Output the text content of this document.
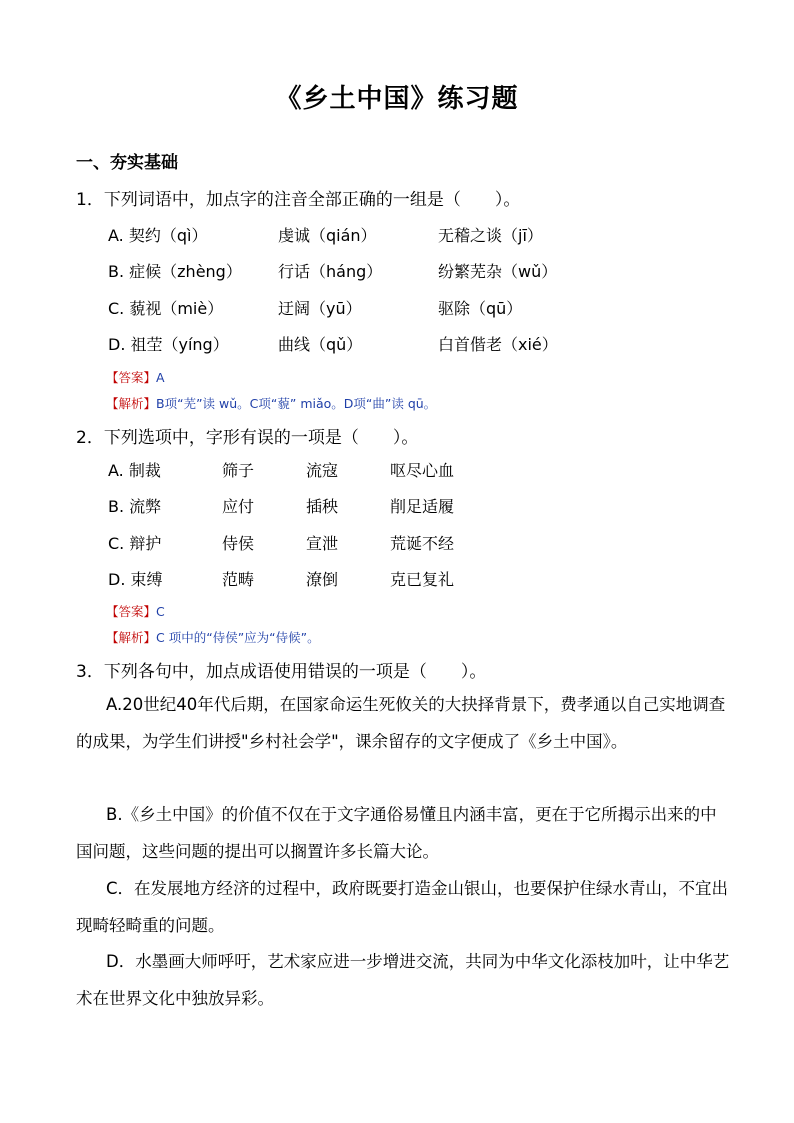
《乡土中国》练习题
一、夯实基础
1．下列词语中，加点字的注音全部正确的一组是（　　）。
A. 契约（qì）	虔诚（qián）	无稽之谈（jī）
B. 症候（zhèng） 行话（háng）	纷繁芜杂（wǔ）
C. 藐视（miè）	迂阔（yū）	驱除（qū）
D. 祖茔（yíng）	曲线（qǔ）	白首偕老（xié）
【答案】A
【解析】B项“芜”读 wǔ。C项“藐” miǎo。D项“曲”读 qū。
2．下列选项中，字形有误的一项是（　　）。
A. 制裁	筛子	流寇	呕尽心血
B. 流弊	应付	插秧	削足适履
C. 辩护	侍侯	宣泄	荒诞不经
D. 束缚	范畴	潦倒	克已复礼
【答案】C
【解析】C 项中的“侍侯”应为“侍候”。
3．下列各句中，加点成语使用错误的一项是（　　）。
A.20世纪40年代后期，在国家命运生死攸关的大抉择背景下，费孝通以自己实地调查的成果，为学生们讲授"乡村社会学"，课余留存的文字便成了《乡土中国》。
B.《乡土中国》的价值不仅在于文字通俗易懂且内涵丰富，更在于它所揭示出来的中国问题，这些问题的提出可以搁置许多长篇大论。
C．在发展地方经济的过程中，政府既要打造金山银山，也要保护住绿水青山，不宜出现畸轻畸重的问题。
D．水墨画大师呼吁，艺术家应进一步增进交流，共同为中华文化添枝加叶，让中华艺术在世界文化中独放异彩。
